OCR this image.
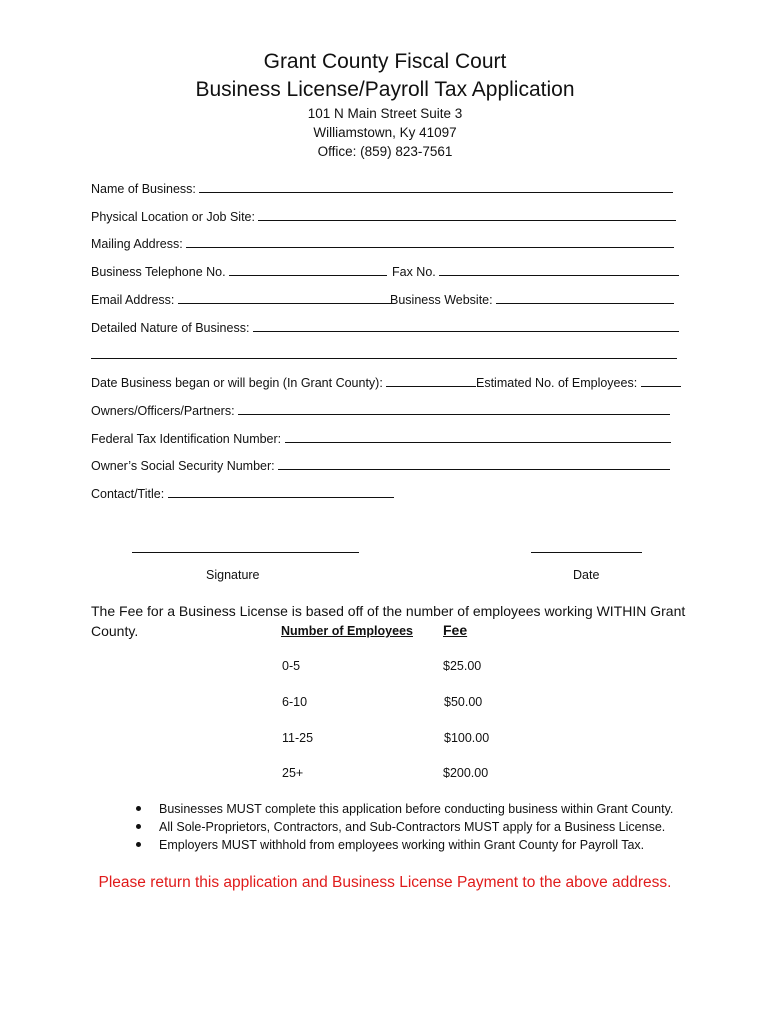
Grant County Fiscal Court
Business License/Payroll Tax Application
101 N Main Street Suite 3
Williamstown, Ky 41097
Office: (859) 823-7561
Name of Business:
Physical Location or Job Site:
Mailing Address:
Business Telephone No.	Fax No.
Email Address:	Business Website:
Detailed Nature of Business:
Date Business began or will begin (In Grant County):	Estimated No. of Employees:
Owners/Officers/Partners:
Federal Tax Identification Number:
Owner’s Social Security Number:
Contact/Title:
Signature	Date
The Fee for a Business License is based off of the number of employees working WITHIN Grant
County.	Number of Employees Fee
0-5	$25.00
6-10	$50.00
11-25	$100.00
25+	$200.00
Businesses MUST complete this application before conducting business within Grant County.
All Sole-Proprietors, Contractors, and Sub-Contractors MUST apply for a Business License.
Employers MUST withhold from employees working within Grant County for Payroll Tax.
Please return this application and Business License Payment to the above address.
